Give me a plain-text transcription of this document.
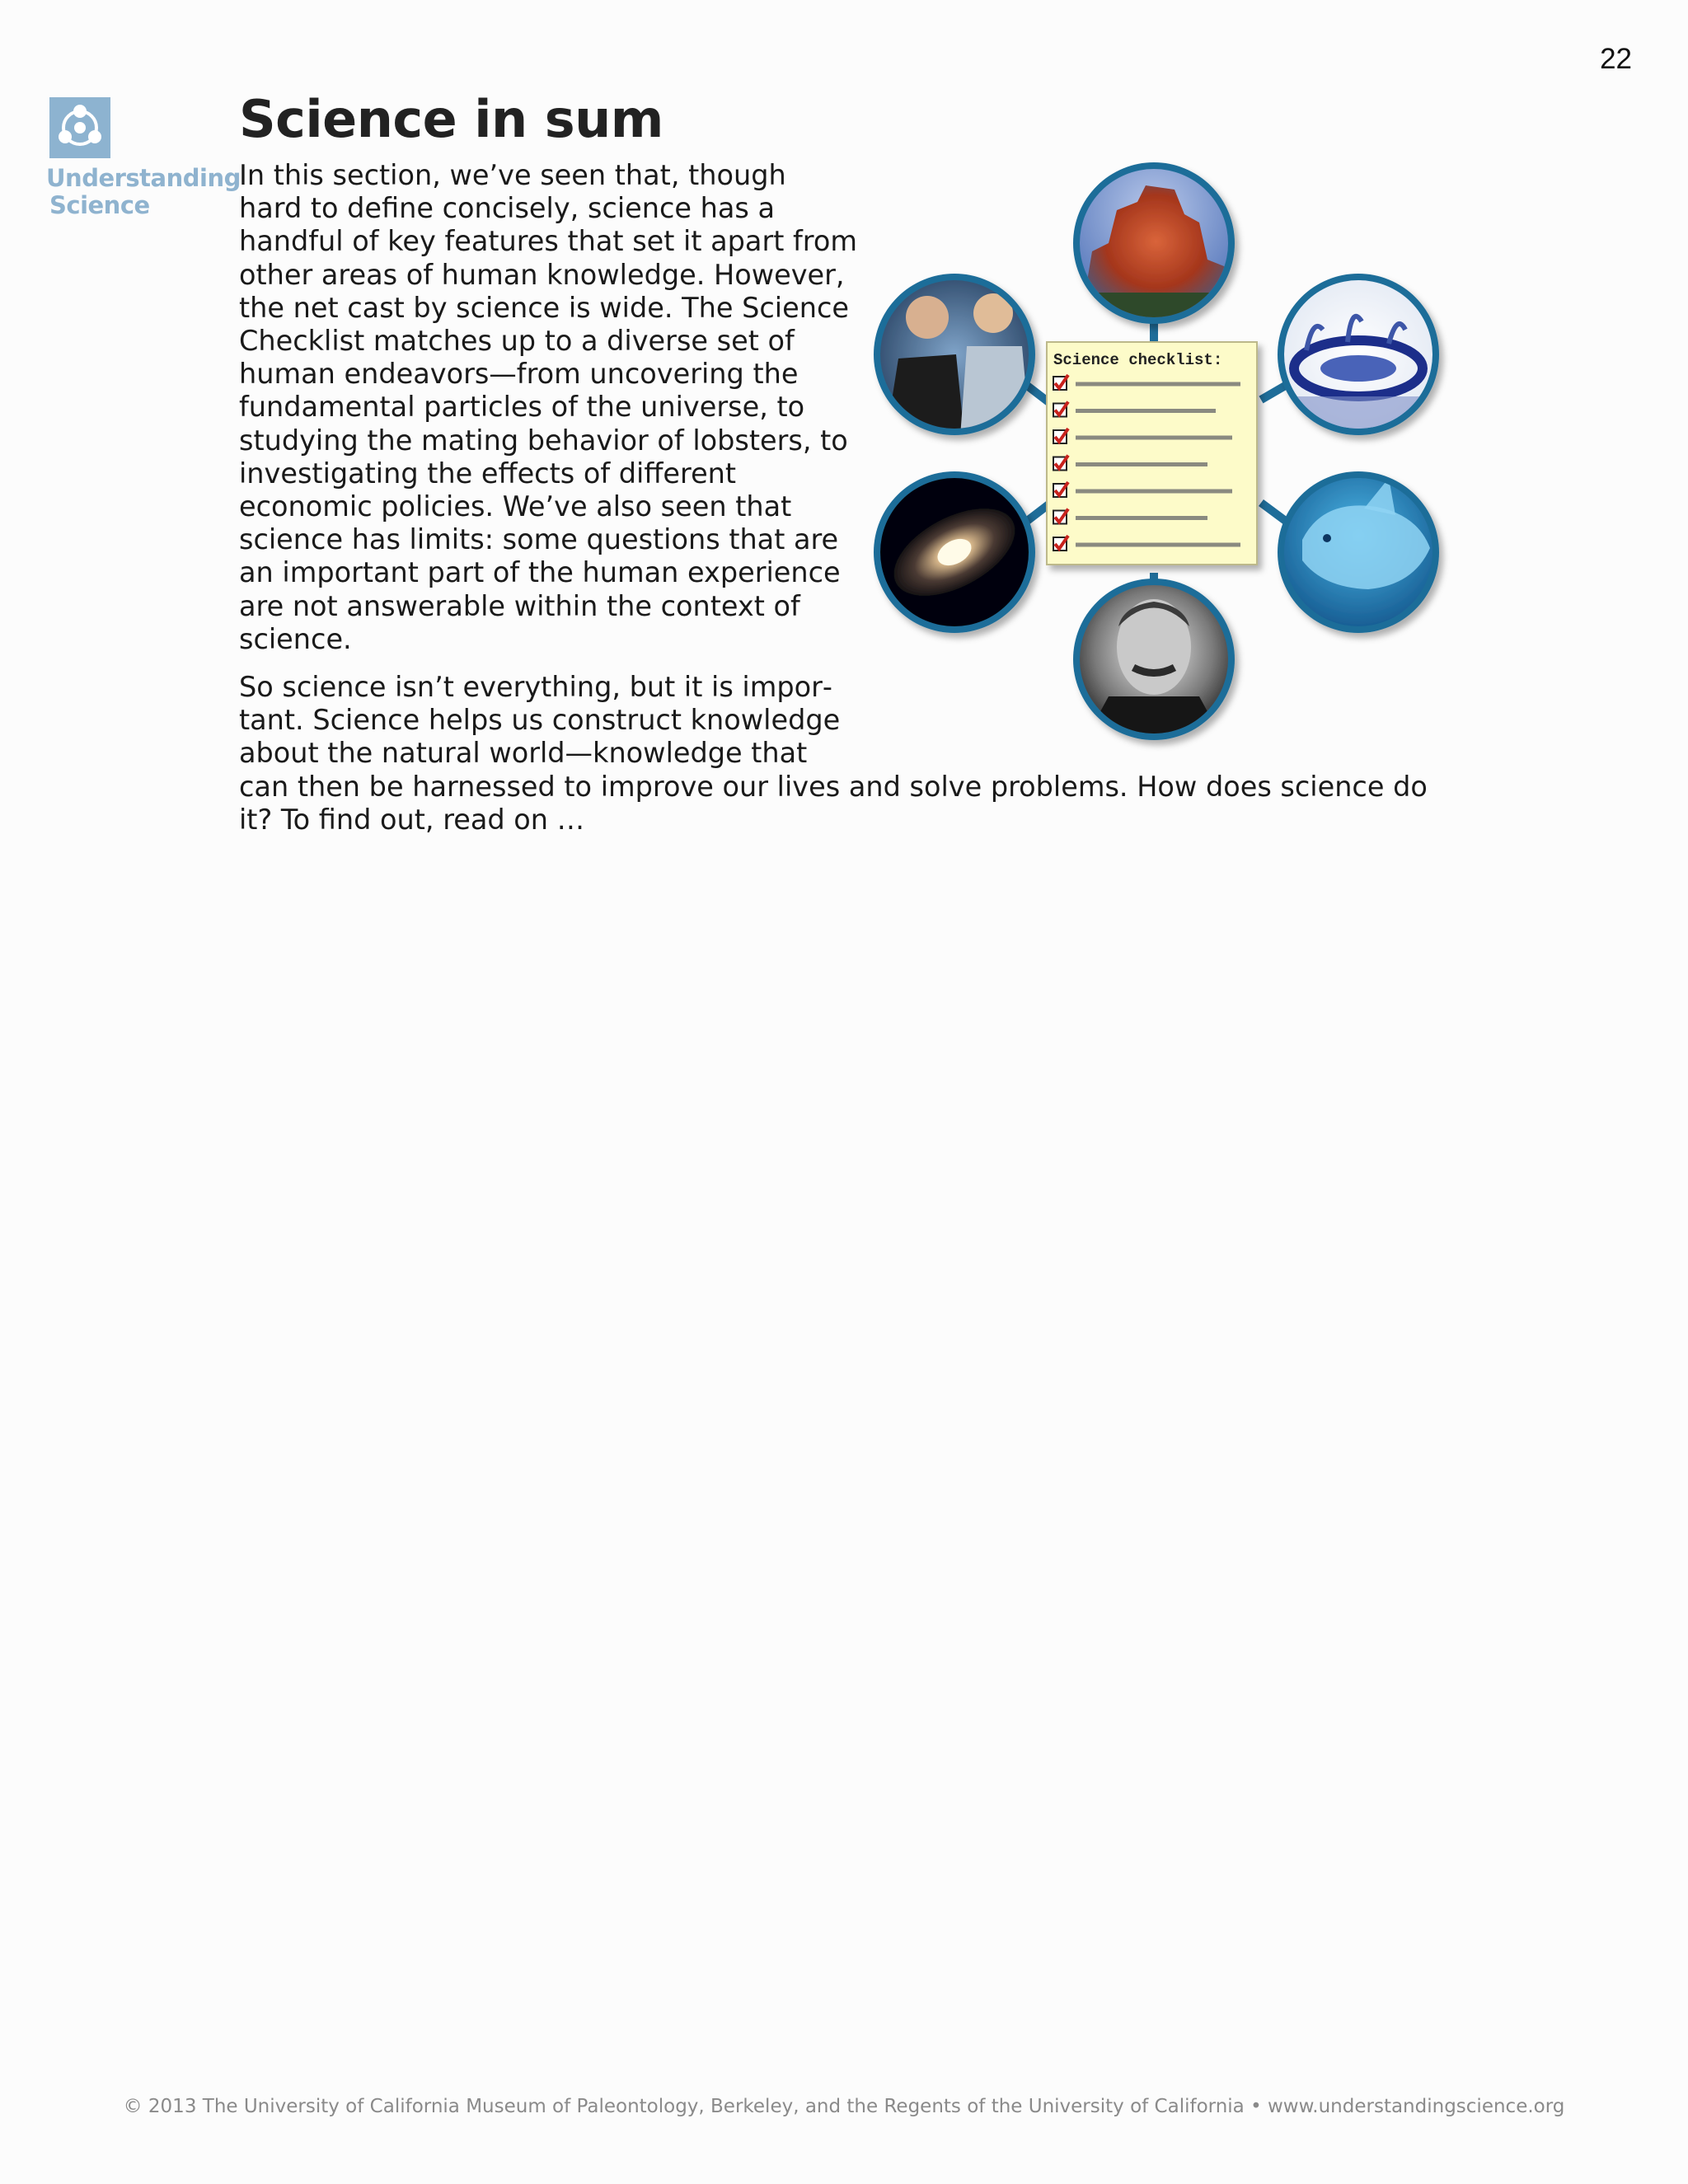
22
Understanding
Science
Science in sum

In this section, we’ve seen that, though hard to define concisely, science has a handful of key features that set it apart from other areas of human knowledge. However, the net cast by science is wide. The Science Checklist matches up to a diverse set of human endeavors—from uncovering the fundamental particles of the universe, to studying the mating behavior of lobsters, to investigating the effects of different economic policies. We’ve also seen that science has limits: some questions that are an important part of the human experience are not answerable within the context of science.

So science isn’t everything, but it is important. Science helps us construct knowledge about the natural world—knowledge that can then be harnessed to improve our lives and solve problems. How does science do it? To find out, read on …

Science checklist:
© 2013 The University of California Museum of Paleontology, Berkeley, and the Regents of the University of California • www.understandingscience.org
